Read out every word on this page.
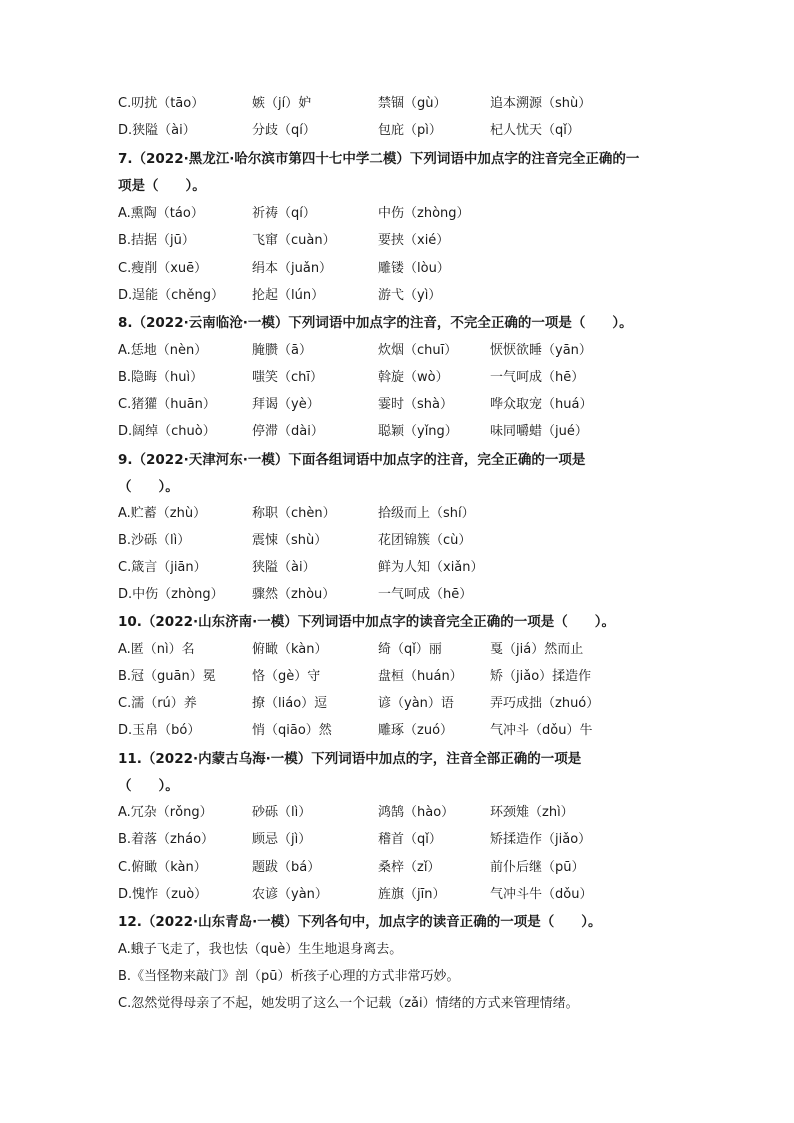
C.叨扰（tāo）	嫉（jí）妒	禁锢（gù）	追本溯源（shù）
D.狭隘（ài）	分歧（qí）	包庇（pì）	杞人忧天（qǐ）
7.（2022·黑龙江·哈尔滨市第四十七中学二模）下列词语中加点字的注音完全正确的一
项是（　　）。
A.熏陶（táo）	祈祷（qí）	中伤（zhòng）
B.拮据（jū）	飞窜（cuàn）	要挟（xié）
C.瘦削（xuē）	绢本（juǎn）	雕镂（lòu）
D.逞能（chěng） 抡起（lún）	游弋（yì）
8.（2022·云南临沧·一模）下列词语中加点字的注音，不完全正确的一项是（　　）。
A.恁地（nèn）	腌臜（ā）	炊烟（chuī）	恹恹欲睡（yān）
B.隐晦（huì）	嗤笑（chī）	斡旋（wò）	一气呵成（hē）
C.猪獾（huān）	拜谒（yè）	霎时（shà）	哗众取宠（huá）
D.阔绰（chuò）	停滞（dài）	聪颖（yǐng） 味同嚼蜡（jué）
9.（2022·天津河东·一模）下面各组词语中加点字的注音，完全正确的一项是
（　　）。
A.贮蓄（zhù）	称职（chèn）	拾级而上（shí）
B.沙砾（lì）	震悚（shù）	花团锦簇（cù）
C.箴言（jiān）	狭隘（ài）	鲜为人知（xiǎn）
D.中伤（zhòng） 骤然（zhòu）	一气呵成（hē）
10.（2022·山东济南·一模）下列词语中加点字的读音完全正确的一项是（　　）。
A.匿（nì）名	俯瞰（kàn）	绮（qǐ）丽	戛（jiá）然而止
B.冠（guān）冕	恪（gè）守	盘桓（huán） 矫（jiǎo）揉造作
C.濡（rú）养	撩（liáo）逗	谚（yàn）语	弄巧成拙（zhuó）
D.玉帛（bó）	悄（qiāo）然	雕琢（zuó）	气冲斗（dǒu）牛
11.（2022·内蒙古乌海·一模）下列词语中加点的字，注音全部正确的一项是
（　　）。
A.冗杂（rǒng）	砂砾（lì）	鸿鹄（hào）	环颈雉（zhì）
B.着落（zháo）	顾忌（jì）	稽首（qǐ）	矫揉造作（jiǎo）
C.俯瞰（kàn）	题跋（bá）	桑梓（zǐ）	前仆后继（pū）
D.愧怍（zuò）	农谚（yàn）	旌旗（jīn）	气冲斗牛（dǒu）
12.（2022·山东青岛·一模）下列各句中，加点字的读音正确的一项是（　　）。
A.蛾子飞走了，我也怯（què）生生地退身离去。
B.《当怪物来敲门》剖（pū）析孩子心理的方式非常巧妙。
C.忽然觉得母亲了不起，她发明了这么一个记载（zǎi）情绪的方式来管理情绪。
